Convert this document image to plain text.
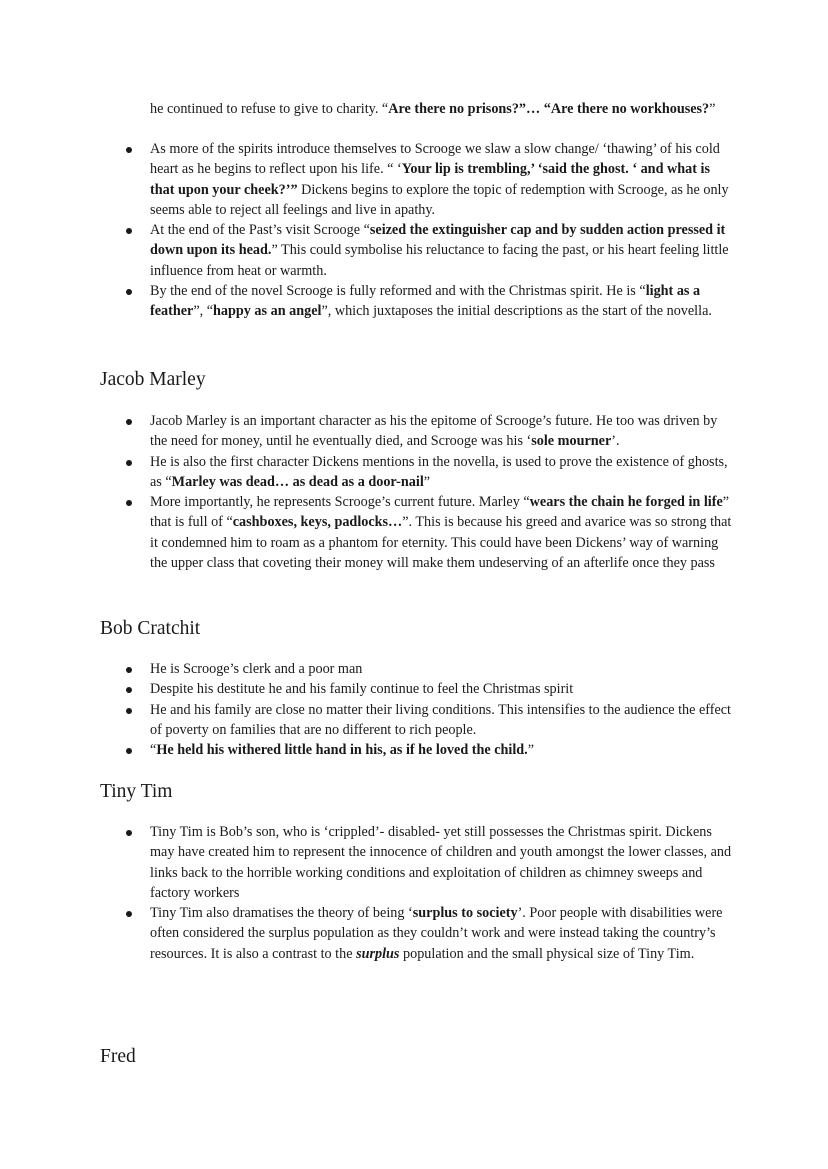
he continued to refuse to give to charity. “Are there no prisons?”… “Are there no workhouses?”

As more of the spirits introduce themselves to Scrooge we slaw a slow change/ ‘thawing’ of his cold heart as he begins to reflect upon his life. “ ‘Your lip is trembling,’ ‘said the ghost. ‘ and what is that upon your cheek?’” Dickens begins to explore the topic of redemption with Scrooge, as he only seems able to reject all feelings and live in apathy.
At the end of the Past’s visit Scrooge “seized the extinguisher cap and by sudden action pressed it down upon its head.” This could symbolise his reluctance to facing the past, or his heart feeling little influence from heat or warmth.
By the end of the novel Scrooge is fully reformed and with the Christmas spirit. He is “light as a feather”, “happy as an angel”, which juxtaposes the initial descriptions as the start of the novella.
Jacob Marley
Jacob Marley is an important character as his the epitome of Scrooge’s future. He too was driven by the need for money, until he eventually died, and Scrooge was his ‘sole mourner’.
He is also the first character Dickens mentions in the novella, is used to prove the existence of ghosts, as “Marley was dead… as dead as a door-nail”
More importantly, he represents Scrooge’s current future. Marley “wears the chain he forged in life” that is full of “cashboxes, keys, padlocks…”. This is because his greed and avarice was so strong that it condemned him to roam as a phantom for eternity. This could have been Dickens’ way of warning the upper class that coveting their money will make them undeserving of an afterlife once they pass
Bob Cratchit
He is Scrooge’s clerk and a poor man
Despite his destitute he and his family continue to feel the Christmas spirit
He and his family are close no matter their living conditions. This intensifies to the audience the effect of poverty on families that are no different to rich people.
“He held his withered little hand in his, as if he loved the child.”
Tiny Tim
Tiny Tim is Bob’s son, who is ‘crippled’- disabled- yet still possesses the Christmas spirit. Dickens may have created him to represent the innocence of children and youth amongst the lower classes, and links back to the horrible working conditions and exploitation of children as chimney sweeps and factory workers
Tiny Tim also dramatises the theory of being ‘surplus to society’. Poor people with disabilities were often considered the surplus population as they couldn’t work and were instead taking the country’s resources. It is also a contrast to the surplus population and the small physical size of Tiny Tim.
Fred
